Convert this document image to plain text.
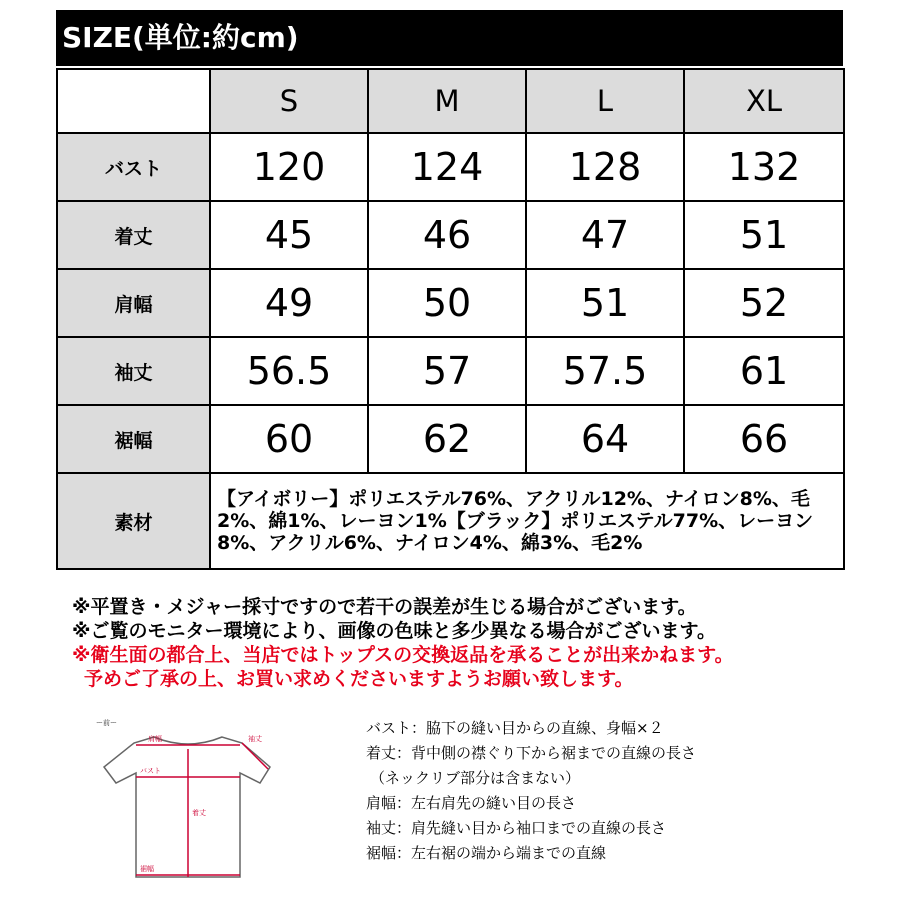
SIZE(単位:約cm)
	S	M	L	XL
バスト	120	124	128	132
着丈	45	46	47	51
肩幅	49	50	51	52
袖丈	56.5	57	57.5	61
裾幅	60	62	64	66
素材	【アイボリー】ポリエステル76%、アクリル12%、ナイロン8%、毛2%、綿1%、レーヨン1%【ブラック】ポリエステル77%、レーヨン8%、アクリル6%、ナイロン4%、綿3%、毛2%			
※平置き・メジャー採寸ですので若干の誤差が生じる場合がございます。
※ご覧のモニター環境により、画像の色味と多少異なる場合がございます。
※衛生面の都合上、当店ではトップスの交換返品を承ることが出来かねます。
予めご了承の上、お買い求めくださいますようお願い致します。
ー前ー
肩幅	袖丈
バスト
着丈
裾幅
バスト：脇下の縫い目からの直線、身幅×２
着丈：背中側の襟ぐり下から裾までの直線の長さ
（ネックリブ部分は含まない）
肩幅：左右肩先の縫い目の長さ
袖丈：肩先縫い目から袖口までの直線の長さ
裾幅：左右裾の端から端までの直線
